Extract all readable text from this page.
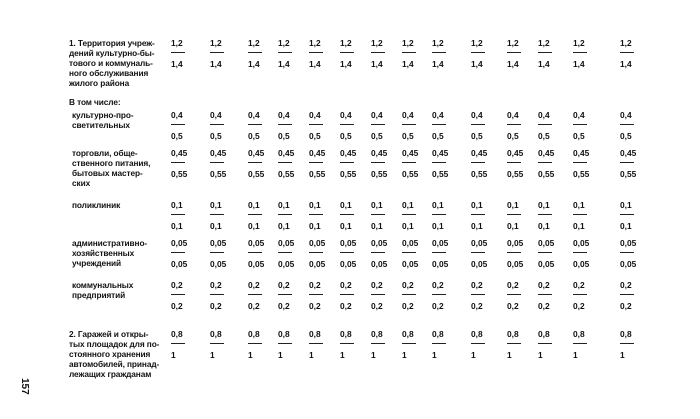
1. Территория учреж-
дений культурно-бы-
тового и коммуналь-
ного обслуживания
жилого района
1,2
1,4
1,2
1,4
1,2
1,4
1,2
1,4
1,2
1,4
1,2
1,4
1,2
1,4
1,2
1,4
1,2
1,4
1,2
1,4
1,2
1,4
1,2
1,4
1,2
1,4
1,2
1,4
культурно-про-
светительных
0,4
0,5
0,4
0,5
0,4
0,5
0,4
0,5
0,4
0,5
0,4
0,5
0,4
0,5
0,4
0,5
0,4
0,5
0,4
0,5
0,4
0,5
0,4
0,5
0,4
0,5
0,4
0,5
торговли, обще-
ственного питания,
бытовых мастер-
ских
0,45
0,55
0,45
0,55
0,45
0,55
0,45
0,55
0,45
0,55
0,45
0,55
0,45
0,55
0,45
0,55
0,45
0,55
0,45
0,55
0,45
0,55
0,45
0,55
0,45
0,55
0,45
0,55
поликлиник	0,1
0,1
0,1
0,1
0,1
0,1
0,1
0,1
0,1
0,1
0,1
0,1
0,1
0,1
0,1
0,1
0,1
0,1
0,1
0,1
0,1
0,1
0,1
0,1
0,1
0,1
0,1
0,1
административно-
хозяйственных
учреждений
0,05
0,05
0,05
0,05
0,05
0,05
0,05
0,05
0,05
0,05
0,05
0,05
0,05
0,05
0,05
0,05
0,05
0,05
0,05
0,05
0,05
0,05
0,05
0,05
0,05
0,05
0,05
0,05
коммунальных
предприятий
0,2
0,2
0,2
0,2
0,2
0,2
0,2
0,2
0,2
0,2
0,2
0,2
0,2
0,2
0,2
0,2
0,2
0,2
0,2
0,2
0,2
0,2
0,2
0,2
0,2
0,2
0,2
0,2
2. Гаражей и откры-
тых площадок для по-
стоянного хранения
автомобилей, принад-
лежащих гражданам
0,8
1
0,8
1
0,8
1
0,8
1
0,8
1
0,8
1
0,8
1
0,8
1
0,8
1
0,8
1
0,8
1
0,8
1
0,8
1
0,8
1
В том числе:
157
